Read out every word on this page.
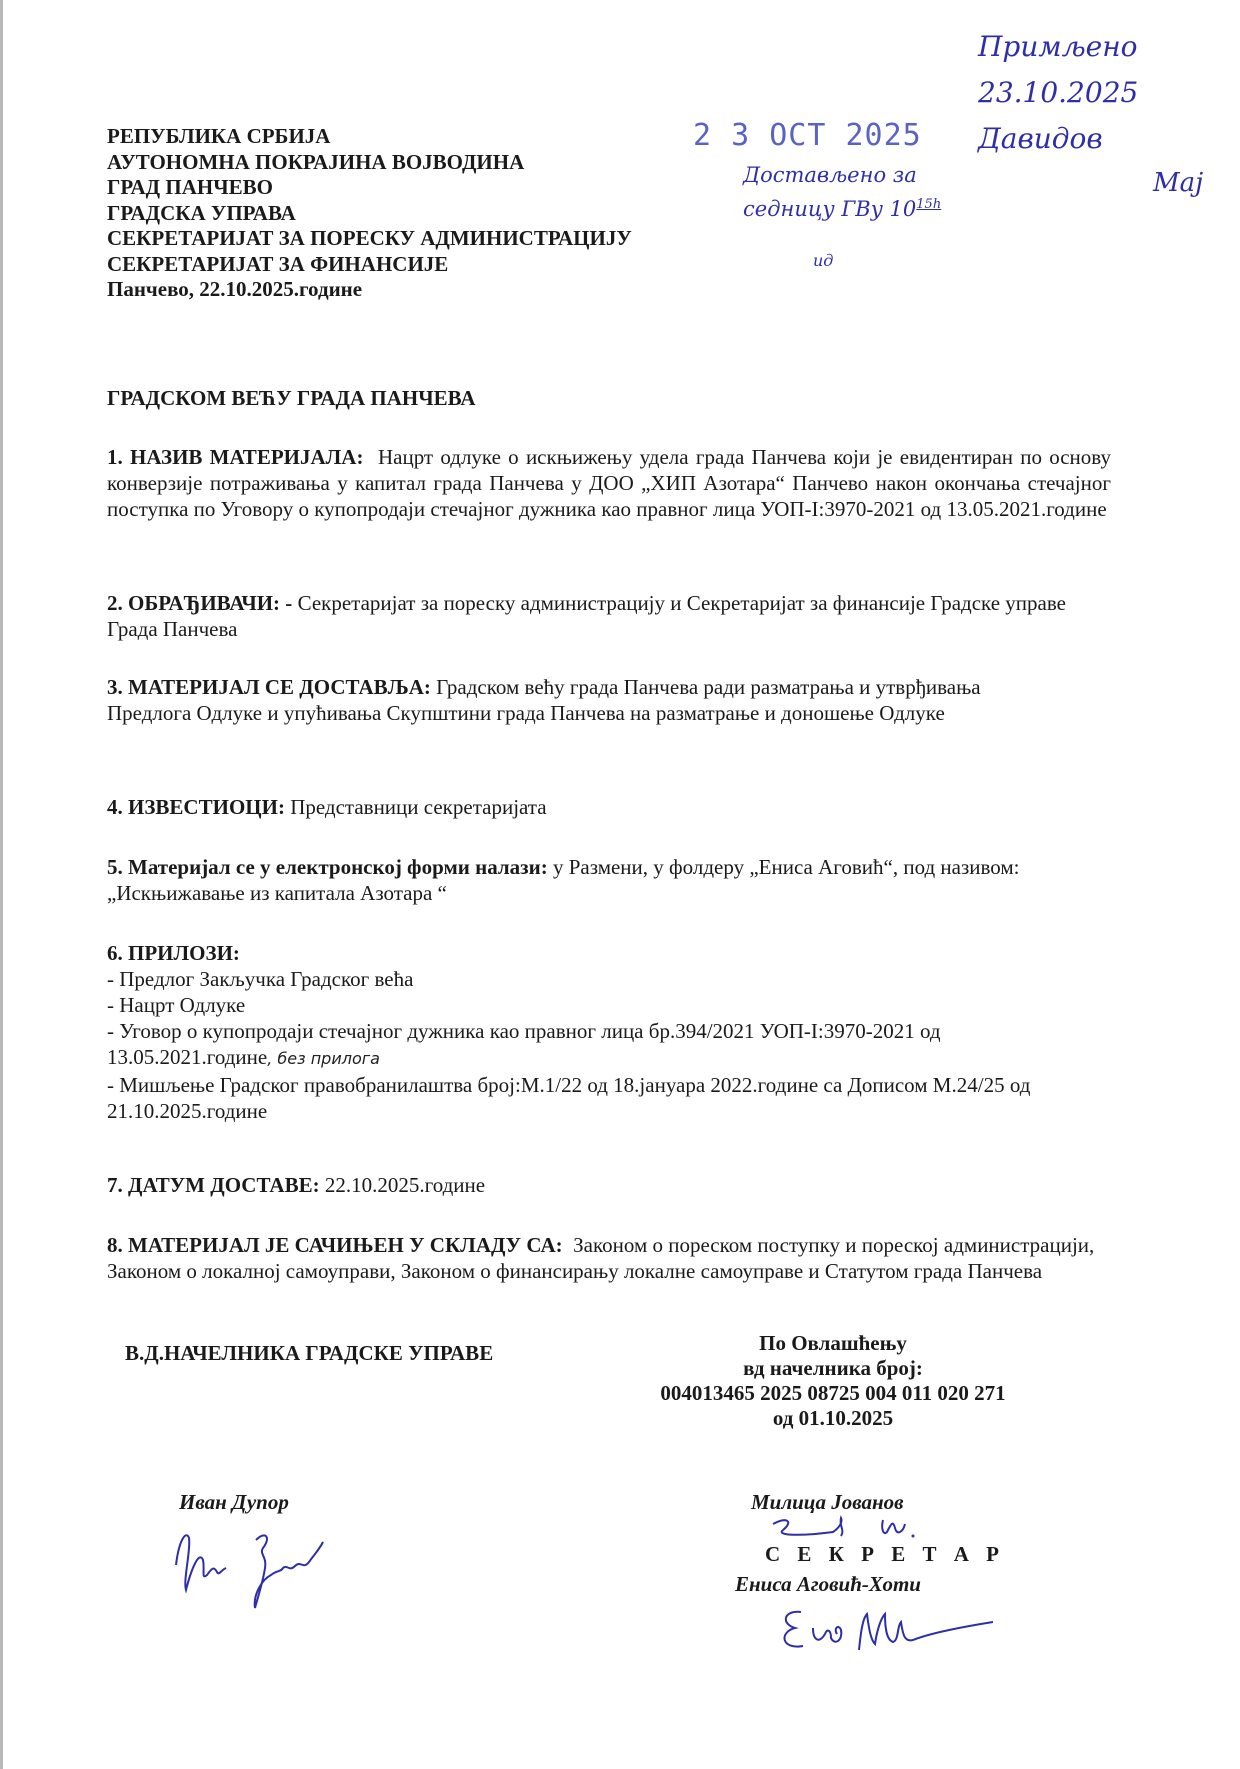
РЕПУБЛИКА СРБИЈА
АУТОНОМНА ПОКРАЈИНА ВОЈВОДИНА
ГРАД ПАНЧЕВО
ГРАДСКА УПРАВА
СЕКРЕТАРИЈАТ ЗА ПОРЕСКУ АДМИНИСТРАЦИЈУ
СЕКРЕТАРИЈАТ ЗА ФИНАНСИЈЕ
Панчево, 22.10.2025.године
2 3 OCT 2025
Достављено за
седницу ГВу $10^{15h}$
ид
Примљено
23.10.2025
Давидов
Мај
ГРАДСКОМ ВЕЋУ ГРАДА ПАНЧЕВА
1. НАЗИВ МАТЕРИЈАЛА: Нацрт одлуке о искњижењу удела града Панчева који је евидентиран по основу конверзије потраживања у капитал града Панчева у ДОО „ХИП Азотара“ Панчево након окончања стечајног поступка по Уговору о купопродаји стечајног дужника као правног лица УОП-I:3970-2021 од 13.05.2021.године
2. ОБРАЂИВАЧИ: - Секретаријат за пореску администрацију и Секретаријат за финансије Градске управе Града Панчева
3. МАТЕРИЈАЛ СЕ ДОСТАВЉА: Градском већу града Панчева ради разматрања и утврђивања Предлога Одлуке и упућивања Скупштини града Панчева на разматрање и доношење Одлуке
4. ИЗВЕСТИОЦИ: Представници секретаријата
5. Материјал се у електронској форми налази: у Размени, у фолдеру „Ениса Аговић“, под називом: „Искњижавање из капитала Азотара “
6. ПРИЛОЗИ:
- Предлог Закључка Градског већа
- Нацрт Одлуке
- Уговор о купопродаји стечајног дужника као правног лица бр.394/2021 УОП-I:3970-2021 од 13.05.2021.године, без прилога
- Мишљење Градског правобранилаштва број:М.1/22 од 18.јануара 2022.године са Дописом М.24/25 од 21.10.2025.године
7. ДАТУМ ДОСТАВЕ: 22.10.2025.године
8. МАТЕРИЈАЛ ЈЕ САЧИЊЕН У СКЛАДУ СА: Законом о пореском поступку и пореској администрацији, Законом о локалној самоуправи, Законом о финансирању локалне самоуправе и Статутом града Панчева
В.Д.НАЧЕЛНИКА ГРАДСКЕ УПРАВЕ	По Овлашћењу
вд начелника број:
004013465 2025 08725 004 011 020 271
од 01.10.2025
Иван Дупор	Милица Јованов
С Е К Р Е Т А Р
Ениса Аговић-Хоти
